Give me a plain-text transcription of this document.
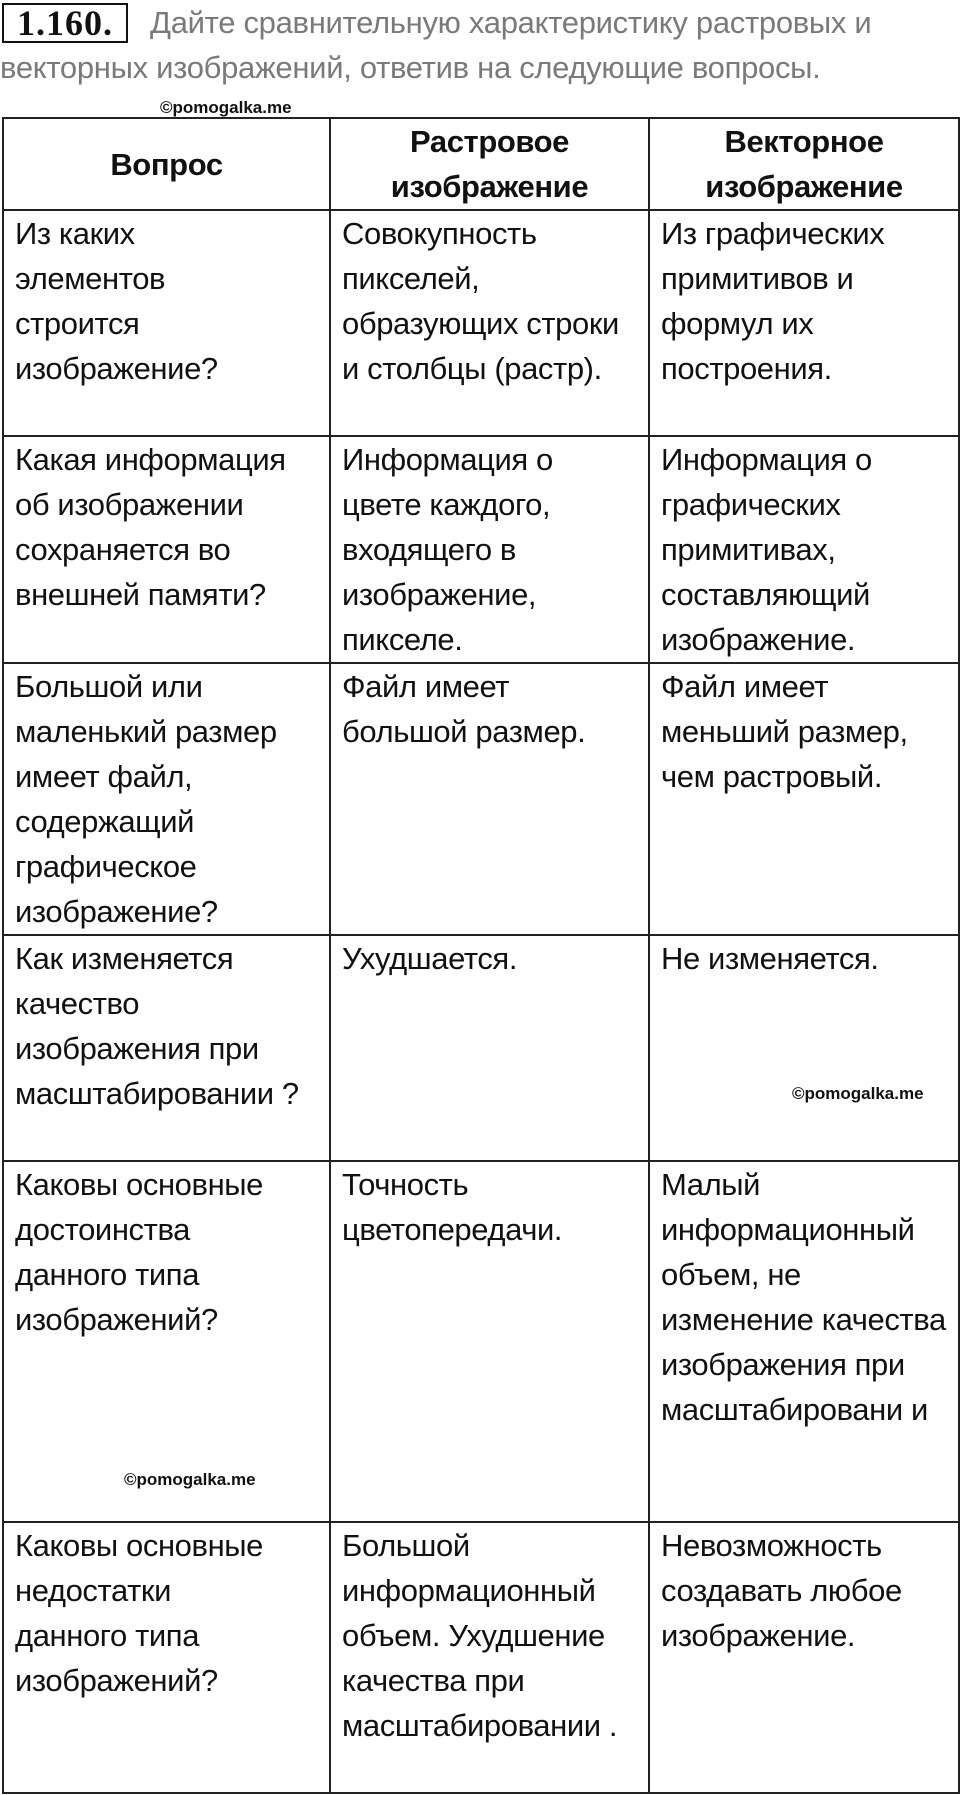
Дайте сравнительную характеристику растровых и векторных изображений, ответив на следующие вопросы.

1.160.
©pomogalka.me
Вопрос	Растровое изображение	Векторное изображение
Из каких элементов строится изображение?	Совокупность пикселей, образующих строки и столбцы (растр).	Из графических примитивов и формул их построения.
Какая информация об изображении сохраняется во внешней памяти?	Информация о цвете каждого, входящего в изображение, пикселе.	Информация о графических примитивах, составляющий изображение.
Большой или маленький размер имеет файл, содержащий графическое изображение?	Файл имеет большой размер.	Файл имеет меньший размер, чем растровый.
Как изменяется качество изображения при масштабировании ?	Ухудшается.	Не изменяется.
Каковы основные достоинства данного типа изображений?	Точность цветопередачи.	Малый информационный объем, не изменение качества изображения при масштабировани и
©pomogalka.me
©pomogalka.me
Каковы основные недостатки данного типа изображений?	Большой информационный объем. Ухудшение качества при масштабировании .	Невозможность создавать любое изображение.
